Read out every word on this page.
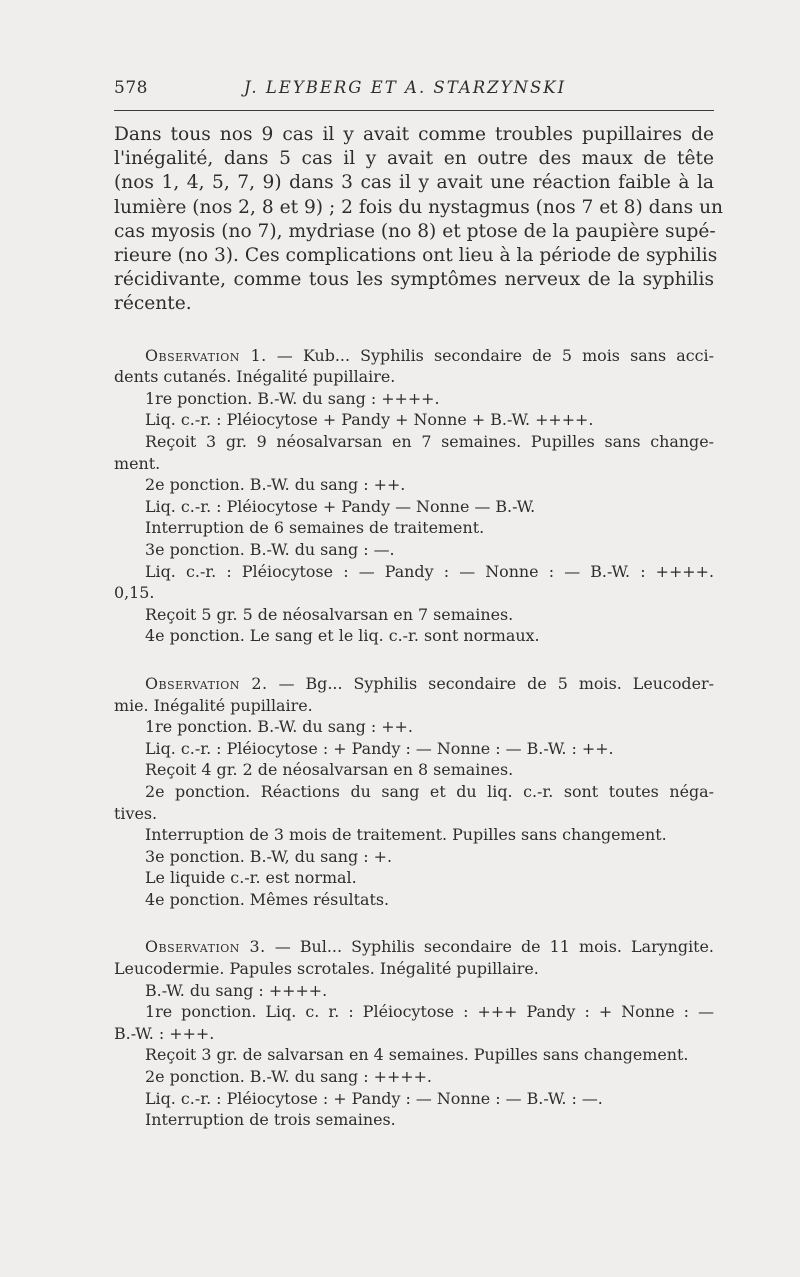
578	J. LEYBERG ET A. STARZYNSKI

Dans tous nos 9 cas il y avait comme troubles pupillaires de
l'inégalité, dans 5 cas il y avait en outre des maux de tête
(nos 1, 4, 5, 7, 9) dans 3 cas il y avait une réaction faible à la
lumière (nos 2, 8 et 9) ; 2 fois du nystagmus (nos 7 et 8) dans un
cas myosis (no 7), mydriase (no 8) et ptose de la paupière supé-
rieure (no 3). Ces complications ont lieu à la période de syphilis
récidivante, comme tous les symptômes nerveux de la syphilis
récente.

Observation 1. — Kub... Syphilis secondaire de 5 mois sans acci-
dents cutanés. Inégalité pupillaire.
1re ponction. B.-W. du sang : ++++.
Liq. c.-r. : Pléiocytose + Pandy + Nonne + B.-W. ++++.
Reçoit 3 gr. 9 néosalvarsan en 7 semaines. Pupilles sans change-
ment.
2e ponction. B.-W. du sang : ++.
Liq. c.-r. : Pléiocytose + Pandy — Nonne — B.-W.
Interruption de 6 semaines de traitement.
3e ponction. B.-W. du sang : —.
Liq. c.-r. : Pléiocytose : — Pandy : — Nonne : — B.-W. : ++++.
0,15.
Reçoit 5 gr. 5 de néosalvarsan en 7 semaines.
4e ponction. Le sang et le liq. c.-r. sont normaux.
Observation 2. — Bg... Syphilis secondaire de 5 mois. Leucoder-
mie. Inégalité pupillaire.
1re ponction. B.-W. du sang : ++.
Liq. c.-r. : Pléiocytose : + Pandy : — Nonne : — B.-W. : ++.
Reçoit 4 gr. 2 de néosalvarsan en 8 semaines.
2e ponction. Réactions du sang et du liq. c.-r. sont toutes néga-
tives.
Interruption de 3 mois de traitement. Pupilles sans changement.
3e ponction. B.-W, du sang : +.
Le liquide c.-r. est normal.
4e ponction. Mêmes résultats.
Observation 3. — Bul... Syphilis secondaire de 11 mois. Laryngite.
Leucodermie. Papules scrotales. Inégalité pupillaire.
B.-W. du sang : ++++.
1re ponction. Liq. c. r. : Pléiocytose : +++ Pandy : + Nonne : —
B.-W. : +++.
Reçoit 3 gr. de salvarsan en 4 semaines. Pupilles sans changement.
2e ponction. B.-W. du sang : ++++.
Liq. c.-r. : Pléiocytose : + Pandy : — Nonne : — B.-W. : —.
Interruption de trois semaines.
